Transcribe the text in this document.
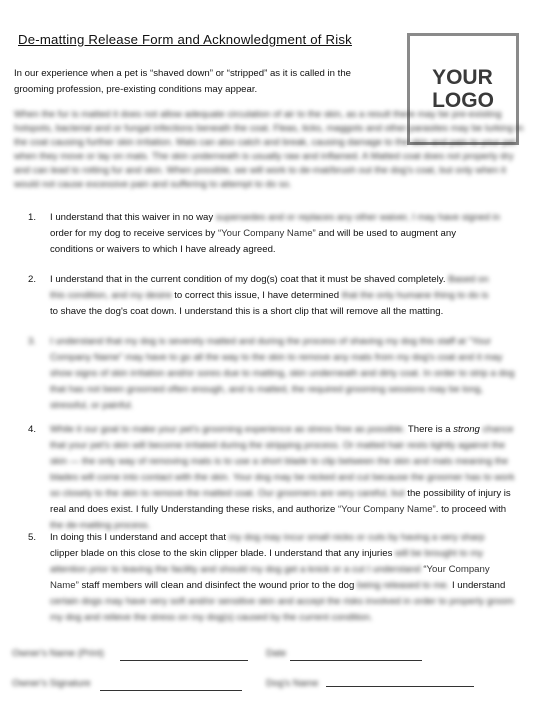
De-matting Release Form and Acknowledgment of Risk
YOUR
LOGO
In our experience when a pet is “shaved down” or “stripped” as it is called in the grooming profession, pre-existing conditions may appear.
When the fur is matted it does not allow adequate circulation of air to the skin, as a result there may be pre-existing hotspots, bacterial and or fungal infections beneath the coat. Fleas, ticks, maggots and other parasites may be lurking in the coat causing further skin irritation. Mats can also catch and break, causing damage to the skin and pain to your pet when they move or lay on mats. The skin underneath is usually raw and inflamed. A Matted coat does not properly dry and can lead to rotting fur and skin. When possible, we will work to de-mat/brush out the dog's coat, but only when it would not cause excessive pain and suffering to attempt to do so.
1.	I understand that this waiver in no way supersedes and or replaces any other waiver, I may have signed in
order for my dog to receive services by “Your Company Name” and will be used to augment any
conditions or waivers to which I have already agreed.
2.	I understand that in the current condition of my dog(s) coat that it must be shaved completely. Based on
this condition, and my desire to correct this issue, I have determined that the only humane thing to do is
to shave the dog's coat down. I understand this is a short clip that will remove all the matting.
3.	I understand that my dog is severely matted and during the process of shaving my dog this staff at “Your Company Name” may have to go all the way to the skin to remove any mats from my dog's coat and it may show signs of skin irritation and/or sores due to matting, skin underneath and dirty coat. In order to strip a dog that has not been groomed often enough, and is matted, the required grooming sessions may be long, stressful, or painful.
4.	While it our goal to make your pet's grooming experience as stress free as possible. There is a strong chance that your pet's skin will become irritated during the stripping process. Or matted hair rests tightly against the skin — the only way of removing mats is to use a short blade to clip between the skin and mats meaning the blades will come into contact with the skin. Your dog may be nicked and cut because the groomer has to work so closely to the skin to remove the matted coat. Our groomers are very careful, but the possibility of injury is real and does exist. I fully Understanding these risks, and authorize “Your Company Name”. to proceed with the de-matting process.
5.	In doing this I understand and accept that my dog may incur small nicks or cuts by having a very sharp
clipper blade on this close to the skin clipper blade. I understand that any injuries will be brought to my
attention prior to leaving the facility and should my dog get a knick or a cut I understand “Your Company Name” staff members will clean and disinfect the wound prior to the dog being released to me. I understand certain dogs may have very soft and/or sensitive skin and accept the risks involved in order to properly groom my dog and relieve the stress on my dog(s) caused by the current condition.
Owner's Name (Print)	Date
Owner's Signature	Dog's Name
